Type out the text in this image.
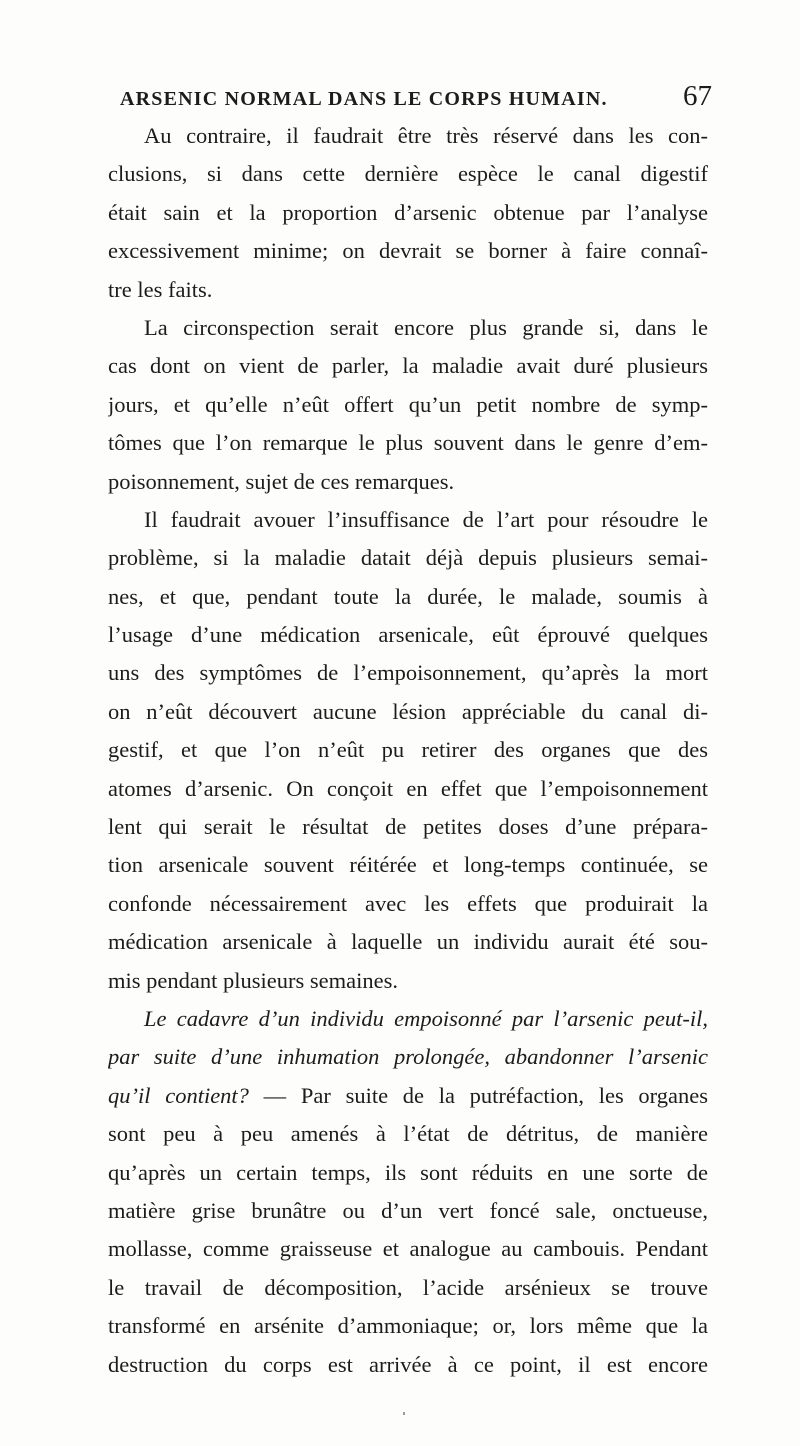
ARSENIC NORMAL DANS LE CORPS HUMAIN.	67
Au contraire, il faudrait être très réservé dans les con-
clusions, si dans cette dernière espèce le canal digestif
était sain et la proportion d’arsenic obtenue par l’analyse
excessivement minime; on devrait se borner à faire connaî-
tre les faits.
La circonspection serait encore plus grande si, dans le
cas dont on vient de parler, la maladie avait duré plusieurs
jours, et qu’elle n’eût offert qu’un petit nombre de symp-
tômes que l’on remarque le plus souvent dans le genre d’em-
poisonnement, sujet de ces remarques.
Il faudrait avouer l’insuffisance de l’art pour résoudre le
problème, si la maladie datait déjà depuis plusieurs semai-
nes, et que, pendant toute la durée, le malade, soumis à
l’usage d’une médication arsenicale, eût éprouvé quelques
uns des symptômes de l’empoisonnement, qu’après la mort
on n’eût découvert aucune lésion appréciable du canal di-
gestif, et que l’on n’eût pu retirer des organes que des
atomes d’arsenic. On conçoit en effet que l’empoisonnement
lent qui serait le résultat de petites doses d’une prépara-
tion arsenicale souvent réitérée et long-temps continuée, se
confonde nécessairement avec les effets que produirait la
médication arsenicale à laquelle un individu aurait été sou-
mis pendant plusieurs semaines.
Le cadavre d’un individu empoisonné par l’arsenic peut-il,
par suite d’une inhumation prolongée, abandonner l’arsenic
qu’il contient? — Par suite de la putréfaction, les organes
sont peu à peu amenés à l’état de détritus, de manière
qu’après un certain temps, ils sont réduits en une sorte de
matière grise brunâtre ou d’un vert foncé sale, onctueuse,
mollasse, comme graisseuse et analogue au cambouis. Pendant
le travail de décomposition, l’acide arsénieux se trouve
transformé en arsénite d’ammoniaque; or, lors même que la
destruction du corps est arrivée à ce point, il est encore
